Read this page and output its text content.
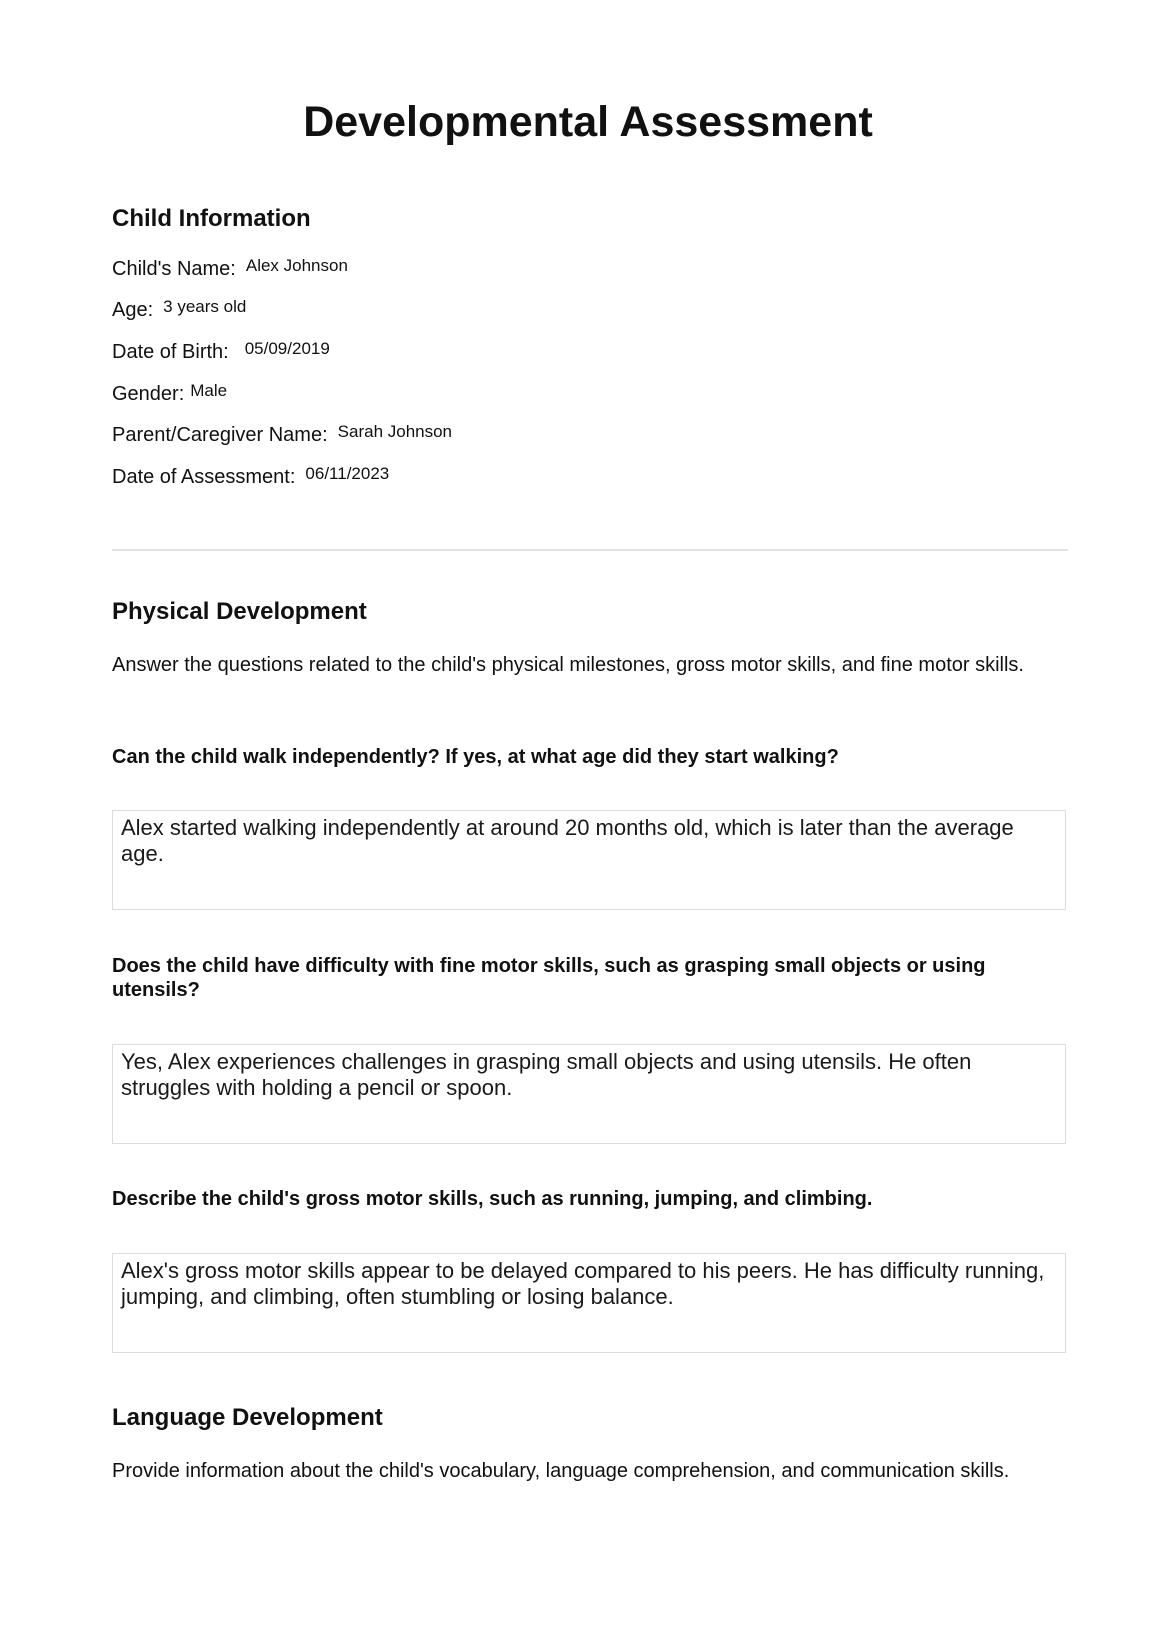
Developmental Assessment
Child Information
Child's Name: Alex Johnson
Age: 3 years old
Date of Birth: 05/09/2019
Gender: Male
Parent/Caregiver Name: Sarah Johnson
Date of Assessment: 06/11/2023
Physical Development

Answer the questions related to the child's physical milestones, gross motor skills, and fine motor skills.

Can the child walk independently? If yes, at what age did they start walking?

Alex started walking independently at around 20 months old, which is later than the average age.

Does the child have difficulty with fine motor skills, such as grasping small objects or using utensils?

Yes, Alex experiences challenges in grasping small objects and using utensils. He often struggles with holding a pencil or spoon.

Describe the child's gross motor skills, such as running, jumping, and climbing.

Alex's gross motor skills appear to be delayed compared to his peers. He has difficulty running, jumping, and climbing, often stumbling or losing balance.
Language Development

Provide information about the child's vocabulary, language comprehension, and communication skills.
